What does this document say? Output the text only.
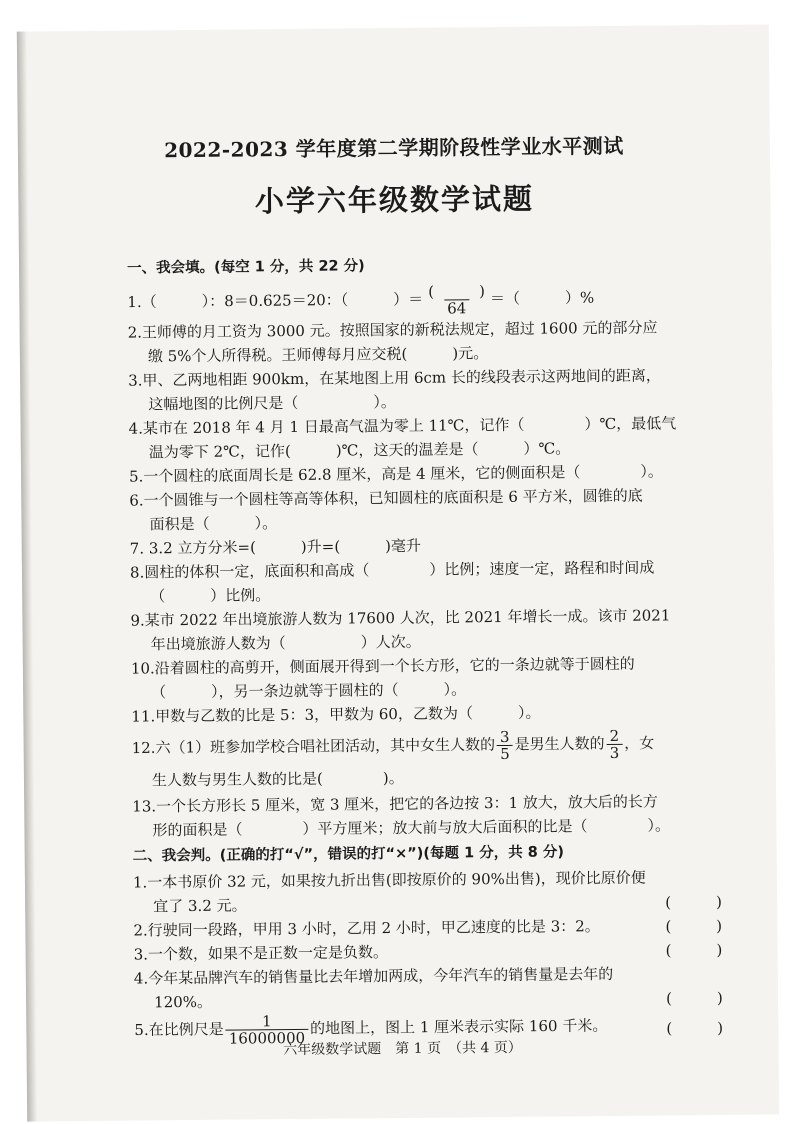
2022-2023 学年度第二学期阶段性学业水平测试
小学六年级数学试题
一、我会填。(每空 1 分，共 22 分)
1.（　　　）：8＝0.625＝20：（　　　）＝ $\frac{( )}{64}$ ＝（　　　）%
2.王师傅的月工资为 3000 元。按照国家的新税法规定，超过 1600 元的部分应
缴 5%个人所得税。王师傅每月应交税(　　　)元。
3.甲、乙两地相距 900km，在某地图上用 6cm 长的线段表示这两地间的距离，
这幅地图的比例尺是（　　　　　）。
4.某市在 2018 年 4 月 1 日最高气温为零上 11℃，记作（　　　　）℃，最低气
温为零下 2℃，记作(　　　)℃，这天的温差是（　　　）℃。
5.一个圆柱的底面周长是 62.8 厘米，高是 4 厘米，它的侧面积是（　　　　）。
6.一个圆锥与一个圆柱等高等体积，已知圆柱的底面积是 6 平方米，圆锥的底
面积是（　　　）。
7. 3.2 立方分米=(　　　)升=(　　　)毫升
8.圆柱的体积一定，底面积和高成（　　　　）比例；速度一定，路程和时间成
（　　　）比例。
9.某市 2022 年出境旅游人数为 17600 人次，比 2021 年增长一成。该市 2021
年出境旅游人数为（　　　　　）人次。
10.沿着圆柱的高剪开，侧面展开得到一个长方形，它的一条边就等于圆柱的
（　　　），另一条边就等于圆柱的（　　　）。
11.甲数与乙数的比是 5：3，甲数为 60，乙数为（　　　）。
12.六（1）班参加学校合唱社团活动，其中女生人数的 $\frac{3}{5}$ 是男生人数的 $\frac{2}{3}$ ，女
生人数与男生人数的比是(　　　　)。
13.一个长方形长 5 厘米，宽 3 厘米，把它的各边按 3：1 放大，放大后的长方
形的面积是（　　　　）平方厘米；放大前与放大后面积的比是（　　　　）。
二、我会判。(正确的打“√”，错误的打“×”)(每题 1 分，共 8 分)
1.一本书原价 32 元，如果按九折出售(即按原价的 90%出售)，现价比原价便
宜了 3.2 元。	(　　　)
2.行驶同一段路，甲用 3 小时，乙用 2 小时，甲乙速度的比是 3：2。	(　　　)
3.一个数，如果不是正数一定是负数。	(　　　)
4.今年某品牌汽车的销售量比去年增加两成，今年汽车的销售量是去年的
120%。	(　　　)
5.在比例尺是 $\frac{1}{16000000}$ 的地图上，图上 1 厘米表示实际 160 千米。	(　　　)
六年级数学试题　第 1 页　（共 4 页）
